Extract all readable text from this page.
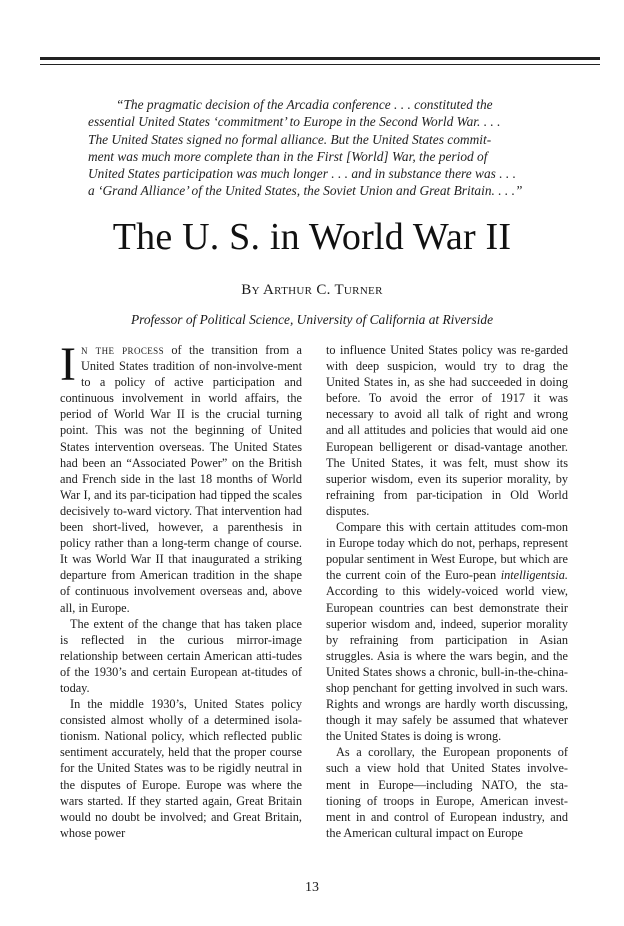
“The pragmatic decision of the Arcadia conference . . . constituted the
essential United States ‘commitment’ to Europe in the Second World War. . . .
The United States signed no formal alliance. But the United States commit-
ment was much more complete than in the First [World] War, the period of
United States participation was much longer . . . and in substance there was . . .
a ‘Grand Alliance’ of the United States, the Soviet Union and Great Britain. . . .”
The U. S. in World War II
By Arthur C. Turner
Professor of Political Science, University of California at Riverside

In the process of the transition from a United States tradition of non-involve-ment to a policy of active participation and continuous involvement in world affairs, the period of World War II is the crucial turning point. This was not the beginning of United States intervention overseas. The United States had been an “Associated Power” on the British and French side in the last 18 months of World War I, and its par-ticipation had tipped the scales decisively to-ward victory. That intervention had been short-lived, however, a parenthesis in policy rather than a long-term change of course. It was World War II that inaugurated a striking departure from American tradition in the shape of continuous involvement overseas and, above all, in Europe.

The extent of the change that has taken place is reflected in the curious mirror-image relationship between certain American atti-tudes of the 1930’s and certain European at-titudes of today.

In the middle 1930’s, United States policy consisted almost wholly of a determined isola-tionism. National policy, which reflected public sentiment accurately, held that the proper course for the United States was to be rigidly neutral in the disputes of Europe. Europe was where the wars started. If they started again, Great Britain would no doubt be involved; and Great Britain, whose power

to influence United States policy was re-garded with deep suspicion, would try to drag the United States in, as she had succeeded in doing before. To avoid the error of 1917 it was necessary to avoid all talk of right and wrong and all attitudes and policies that would aid one European belligerent or disad-vantage another. The United States, it was felt, must show its superior wisdom, even its superior morality, by refraining from par-ticipation in Old World disputes.

Compare this with certain attitudes com-mon in Europe today which do not, perhaps, represent popular sentiment in West Europe, but which are the current coin of the Euro-pean intelligentsia. According to this widely-voiced world view, European countries can best demonstrate their superior wisdom and, indeed, superior morality by refraining from participation in Asian struggles. Asia is where the wars begin, and the United States shows a chronic, bull-in-the-china-shop penchant for getting involved in such wars. Rights and wrongs are hardly worth discussing, though it may safely be assumed that whatever the United States is doing is wrong.

As a corollary, the European proponents of such a view hold that United States involve-ment in Europe—including NATO, the sta-tioning of troops in Europe, American invest-ment in and control of European industry, and the American cultural impact on Europe

13
